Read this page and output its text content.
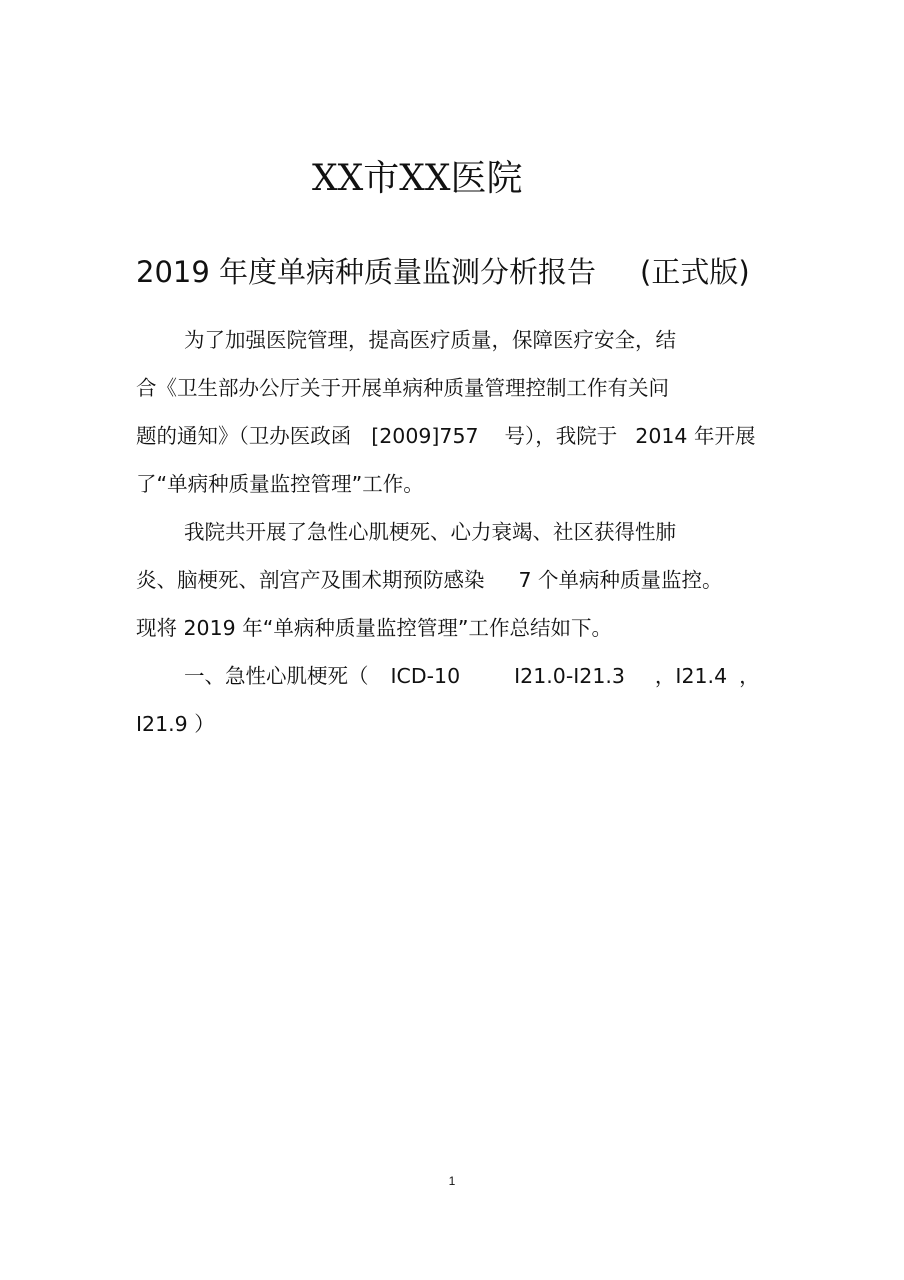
XX市XX医院
2019 年度单病种质量监测分析报告 (正式版)
为了加强医院管理，提高医疗质量，保障医疗安全，结
合《卫生部办公厅关于开展单病种质量管理控制工作有关问
题的通知》（卫办医政函 [2009]757 号），我院于 2014 年开展
了“单病种质量监控管理”工作。
我院共开展了急性心肌梗死、心力衰竭、社区获得性肺
炎、脑梗死、剖宫产及围术期预防感染 7 个单病种质量监控。
现将 2019 年“单病种质量监控管理”工作总结如下。
一、急性心肌梗死（ ICD-10	I21.0-I21.3 ，I21.4 ，
I21.9 ）
1
